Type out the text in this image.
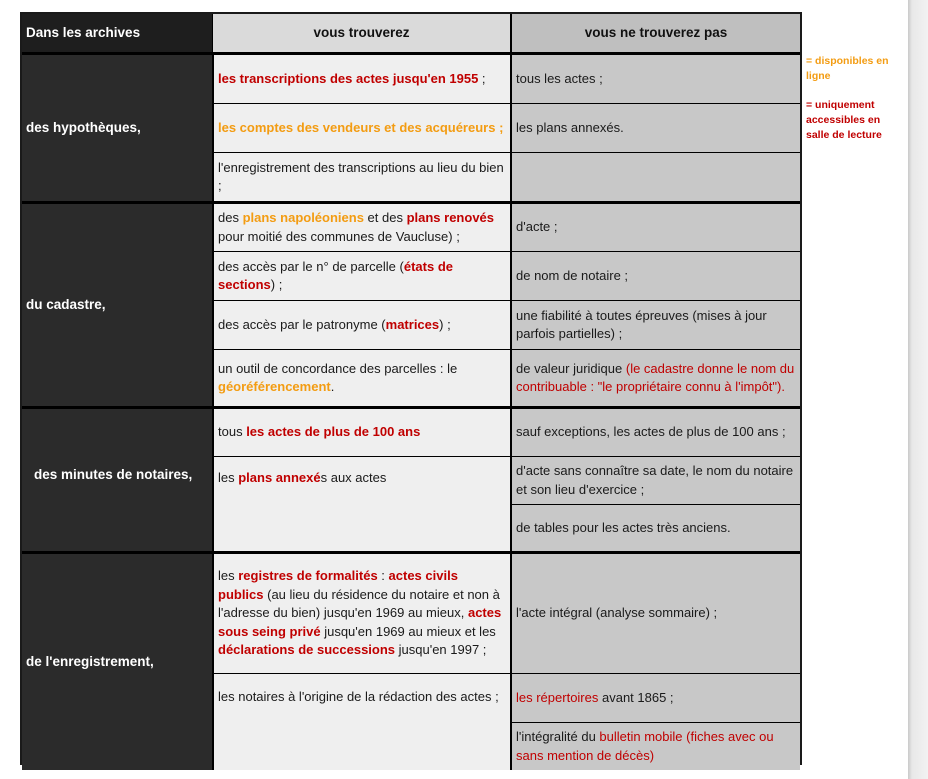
Dans les archives	vous trouverez	vous ne trouverez pas
des hypothèques,	les transcriptions des actes jusqu'en 1955 ;	tous les actes ;
	les comptes des vendeurs et des acquéreurs ;	les plans annexés.
	l'enregistrement des transcriptions au lieu du bien ;	
du cadastre,	des plans napoléoniens et des plans renovés pour moitié des communes de Vaucluse) ;	d'acte ;
	des accès par le n° de parcelle (états de sections) ;	de nom de notaire ;
	des accès par le patronyme (matrices) ;	une fiabilité à toutes épreuves (mises à jour parfois partielles) ;
	un outil de concordance des parcelles : le géoréférencement.	de valeur juridique (le cadastre donne le nom du contribuable : "le propriétaire connu à l'impôt").

des minutes de notaires,	tous les actes de plus de 100 ans	sauf exceptions, les actes de plus de 100 ans ;
	les plans annexés aux actes	d'acte sans connaître sa date, le nom du notaire et son lieu d'exercice ;
		de tables pour les actes très anciens.
de l'enregistrement,	les registres de formalités : actes civils publics (au lieu du résidence du notaire et non à l'adresse du bien) jusqu'en 1969 au mieux, actes sous seing privé jusqu'en 1969 au mieux et les déclarations de successions jusqu'en 1997 ;	l'acte intégral (analyse sommaire) ;
	les notaires à l'origine de la rédaction des actes ;	les répertoires avant 1865 ;
		l'intégralité du bulletin mobile (fiches avec ou sans mention de décès)
= disponibles en ligne
= uniquement accessibles en salle de lecture
